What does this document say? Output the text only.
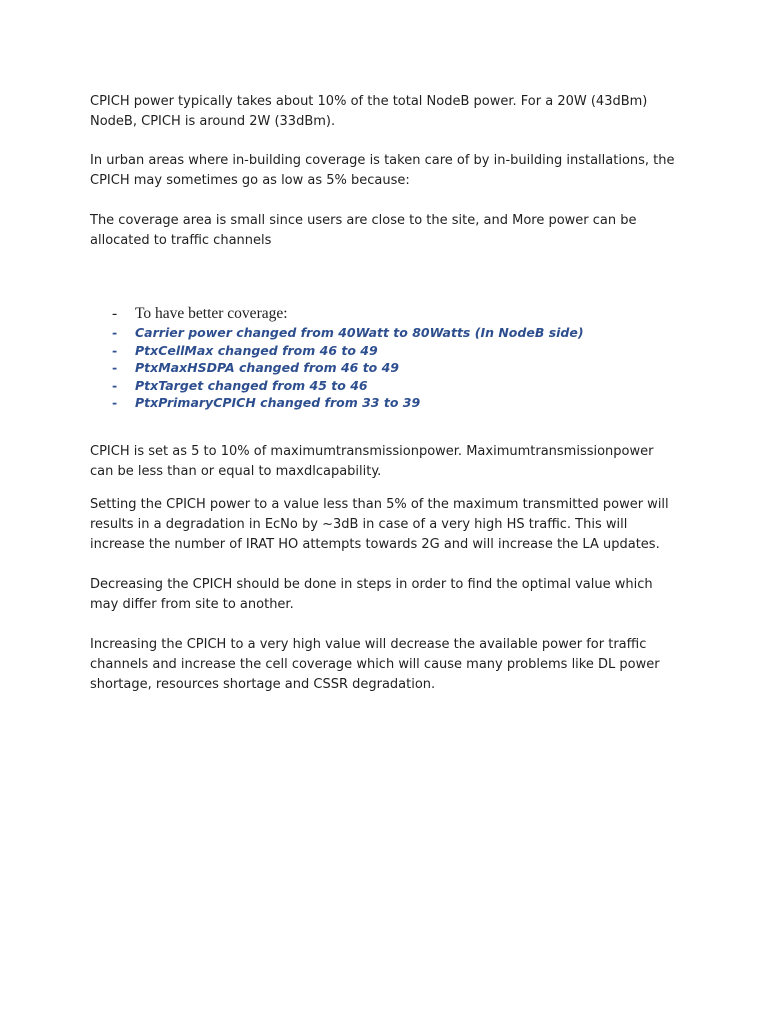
CPICH power typically takes about 10% of the total NodeB power. For a 20W (43dBm) NodeB, CPICH is around 2W (33dBm).

In urban areas where in-building coverage is taken care of by in-building installations, the CPICH may sometimes go as low as 5% because:

The coverage area is small since users are close to the site, and More power can be allocated to traffic channels

- To have better coverage:
- Carrier power changed from 40Watt to 80Watts (In NodeB side)
- PtxCellMax changed from 46 to 49
- PtxMaxHSDPA changed from 46 to 49
- PtxTarget changed from 45 to 46
- PtxPrimaryCPICH changed from 33 to 39

CPICH is set as 5 to 10% of maximumtransmissionpower. Maximumtransmissionpower can be less than or equal to maxdlcapability.

Setting the CPICH power to a value less than 5% of the maximum transmitted power will results in a degradation in EcNo by ~3dB in case of a very high HS traffic. This will increase the number of IRAT HO attempts towards 2G and will increase the LA updates.

Decreasing the CPICH should be done in steps in order to find the optimal value which may differ from site to another.

Increasing the CPICH to a very high value will decrease the available power for traffic channels and increase the cell coverage which will cause many problems like DL power shortage, resources shortage and CSSR degradation.
